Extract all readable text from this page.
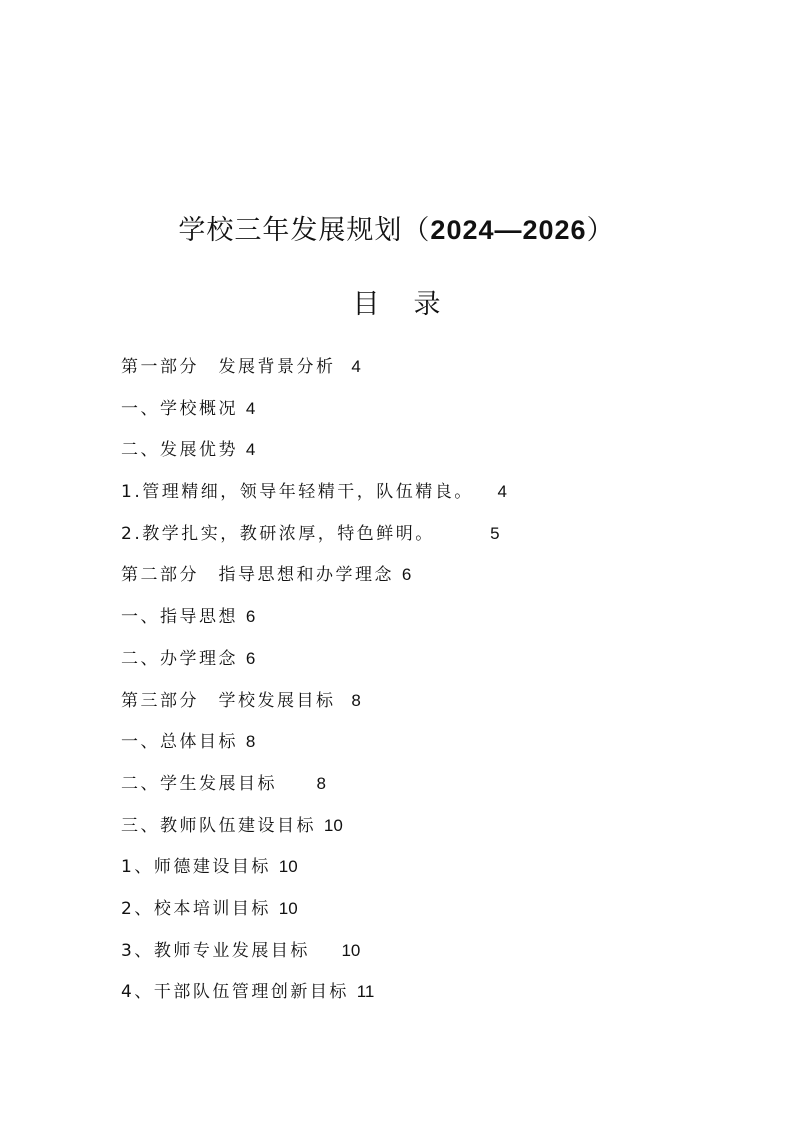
学校三年发展规划（2024—2026）
目 录
第一部分　发展背景分析 4
一、学校概况 4
二、发展优势 4
1.管理精细，领导年轻精干，队伍精良。 4
2.教学扎实，教研浓厚，特色鲜明。	5
第二部分　指导思想和办学理念 6
一、指导思想 6
二、办学理念 6
第三部分　学校发展目标 8
一、总体目标 8
二、学生发展目标 8
三、教师队伍建设目标 10
1、师德建设目标 10
2、校本培训目标 10
3、教师专业发展目标 10
4、干部队伍管理创新目标 11
